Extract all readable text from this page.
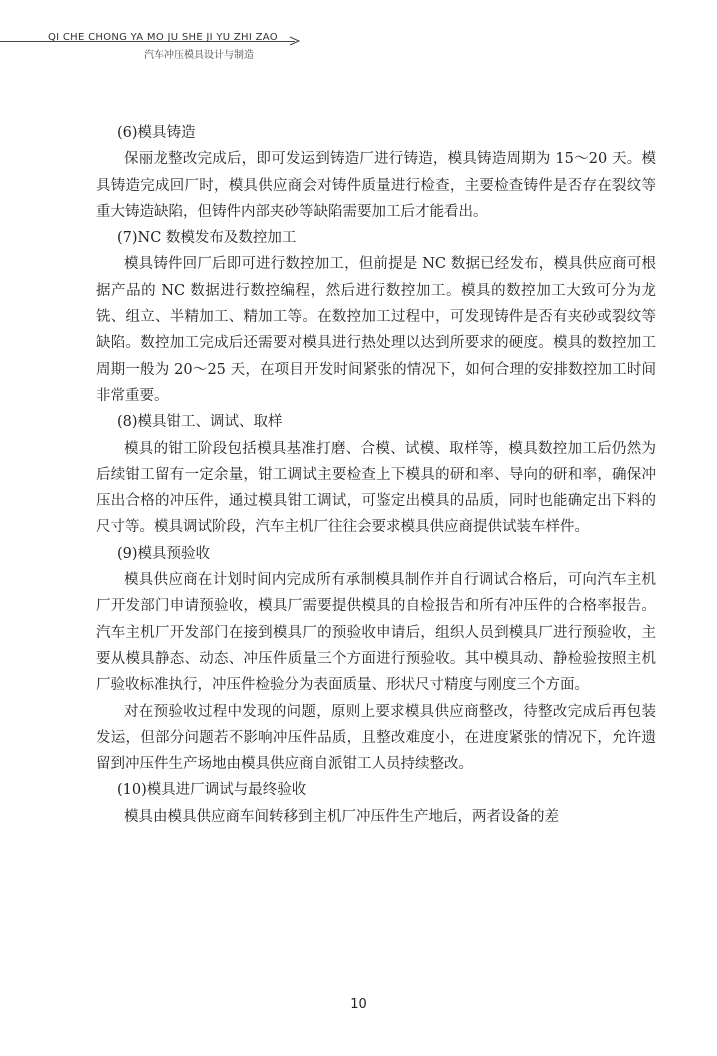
QI CHE CHONG YA MO JU SHE JI YU ZHI ZAO
汽车冲压模具设计与制造

(6)模具铸造

保丽龙整改完成后，即可发运到铸造厂进行铸造，模具铸造周期为 15～20 天。模具铸造完成回厂时，模具供应商会对铸件质量进行检查，主要检查铸件是否存在裂纹等重大铸造缺陷，但铸件内部夹砂等缺陷需要加工后才能看出。

(7)NC 数模发布及数控加工

模具铸件回厂后即可进行数控加工，但前提是 NC 数据已经发布，模具供应商可根据产品的 NC 数据进行数控编程，然后进行数控加工。模具的数控加工大致可分为龙铣、组立、半精加工、精加工等。在数控加工过程中，可发现铸件是否有夹砂或裂纹等缺陷。数控加工完成后还需要对模具进行热处理以达到所要求的硬度。模具的数控加工周期一般为 20～25 天，在项目开发时间紧张的情况下，如何合理的安排数控加工时间非常重要。

(8)模具钳工、调试、取样

模具的钳工阶段包括模具基准打磨、合模、试模、取样等，模具数控加工后仍然为后续钳工留有一定余量，钳工调试主要检查上下模具的研和率、导向的研和率，确保冲压出合格的冲压件，通过模具钳工调试，可鉴定出模具的品质，同时也能确定出下料的尺寸等。模具调试阶段，汽车主机厂往往会要求模具供应商提供试装车样件。

(9)模具预验收

模具供应商在计划时间内完成所有承制模具制作并自行调试合格后，可向汽车主机厂开发部门申请预验收，模具厂需要提供模具的自检报告和所有冲压件的合格率报告。汽车主机厂开发部门在接到模具厂的预验收申请后，组织人员到模具厂进行预验收，主要从模具静态、动态、冲压件质量三个方面进行预验收。其中模具动、静检验按照主机厂验收标准执行，冲压件检验分为表面质量、形状尺寸精度与刚度三个方面。

对在预验收过程中发现的问题，原则上要求模具供应商整改，待整改完成后再包装发运，但部分问题若不影响冲压件品质，且整改难度小，在进度紧张的情况下，允许遗留到冲压件生产场地由模具供应商自派钳工人员持续整改。

(10)模具进厂调试与最终验收

模具由模具供应商车间转移到主机厂冲压件生产地后，两者设备的差

10
